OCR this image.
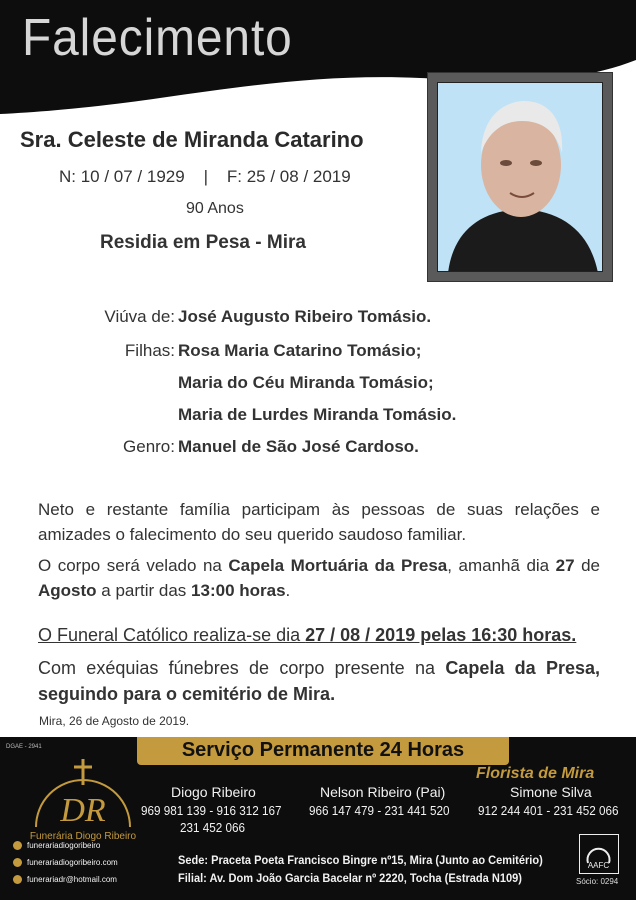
Falecimento
Sra. Celeste de Miranda Catarino
N: 10 / 07 / 1929    |    F: 25 / 08 / 2019
90 Anos
Residia em Pesa - Mira
Viúva de: José Augusto Ribeiro Tomásio.
Filhas: Rosa Maria Catarino Tomásio;
Maria do Céu Miranda Tomásio;
Maria de Lurdes Miranda Tomásio.
Genro: Manuel de São José Cardoso.
Neto e restante família participam às pessoas de suas relações e amizades o falecimento do seu querido saudoso familiar.
O corpo será velado na Capela Mortuária da Presa, amanhã dia 27 de Agosto a partir das 13:00 horas.
O Funeral Católico realiza-se dia 27 / 08 / 2019 pelas 16:30 horas.
Com exéquias fúnebres de corpo presente na Capela da Presa, seguindo para o cemitério de Mira.
Mira, 26 de Agosto de 2019.
DGAE - 2941	Serviço Permanente 24 Horas
DR
Funerária Diogo Ribeiro
funerariadiogoribeiro
funerariadiogoribeiro.com
funerariadr@hotmail.com
Florista de Mira
Diogo Ribeiro
969 981 139 - 916 312 167
231 452 066
Nelson Ribeiro (Pai)
966 147 479 - 231 441 520
Simone Silva
912 244 401 - 231 452 066
Sede: Praceta Poeta Francisco Bingre nº15, Mira (Junto ao Cemitério)
Filial: Av. Dom João Garcia Bacelar nº 2220, Tocha (Estrada N109)
AAFC
Sócio: 0294
